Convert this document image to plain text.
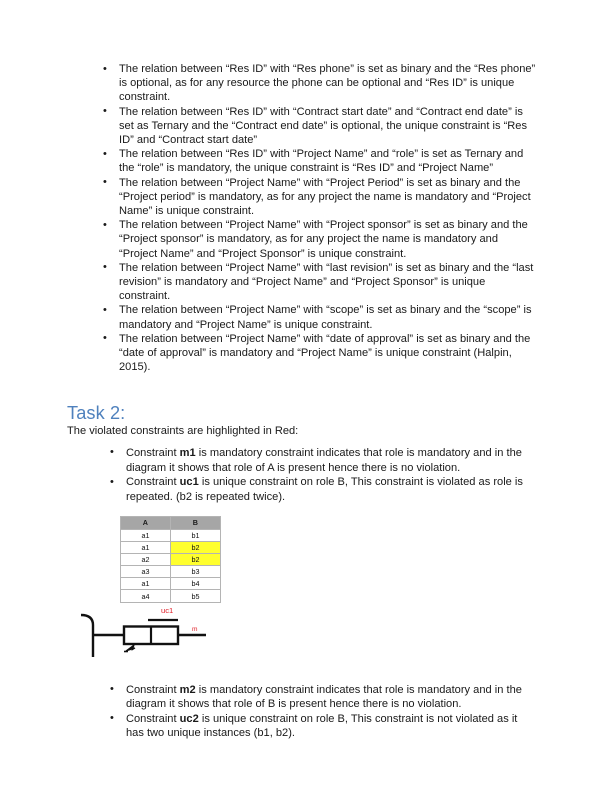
• The relation between “Res ID” with “Res phone” is set as binary and the “Res phone” is optional, as for any resource the phone can be optional and “Res ID” is unique constraint.
• The relation between “Res ID” with “Contract start date” and “Contract end date” is set as Ternary and the “Contract end date” is optional, the unique constraint is “Res ID” and “Contract start date”
• The relation between “Res ID” with “Project Name” and “role” is set as Ternary and the “role” is mandatory, the unique constraint is “Res ID” and “Project Name”
• The relation between “Project Name” with “Project Period” is set as binary and the “Project period” is mandatory, as for any project the name is mandatory and “Project Name” is unique constraint.
• The relation between “Project Name” with “Project sponsor” is set as binary and the “Project sponsor” is mandatory, as for any project the name is mandatory and “Project Name” and “Project Sponsor” is unique constraint.
• The relation between “Project Name” with “last revision” is set as binary and the “last revision” is mandatory and “Project Name” and “Project Sponsor” is unique constraint.
• The relation between “Project Name” with “scope” is set as binary and the “scope” is mandatory and “Project Name” is unique constraint.
• The relation between “Project Name” with “date of approval” is set as binary and the “date of approval” is mandatory and “Project Name” is unique constraint (Halpin, 2015).
Task 2:

The violated constraints are highlighted in Red:

• Constraint m1 is mandatory constraint indicates that role is mandatory and in the diagram it shows that role of A is present hence there is no violation.
• Constraint uc1 is unique constraint on role B, This constraint is violated as role is repeated. (b2 is repeated twice).
A	B
a1	b1
a1	b2
a2	b2
a3	b3
a1	b4
a4	b5
uc1
m
• Constraint m2 is mandatory constraint indicates that role is mandatory and in the diagram it shows that role of B is present hence there is no violation.
• Constraint uc2 is unique constraint on role B, This constraint is not violated as it has two unique instances (b1, b2).
